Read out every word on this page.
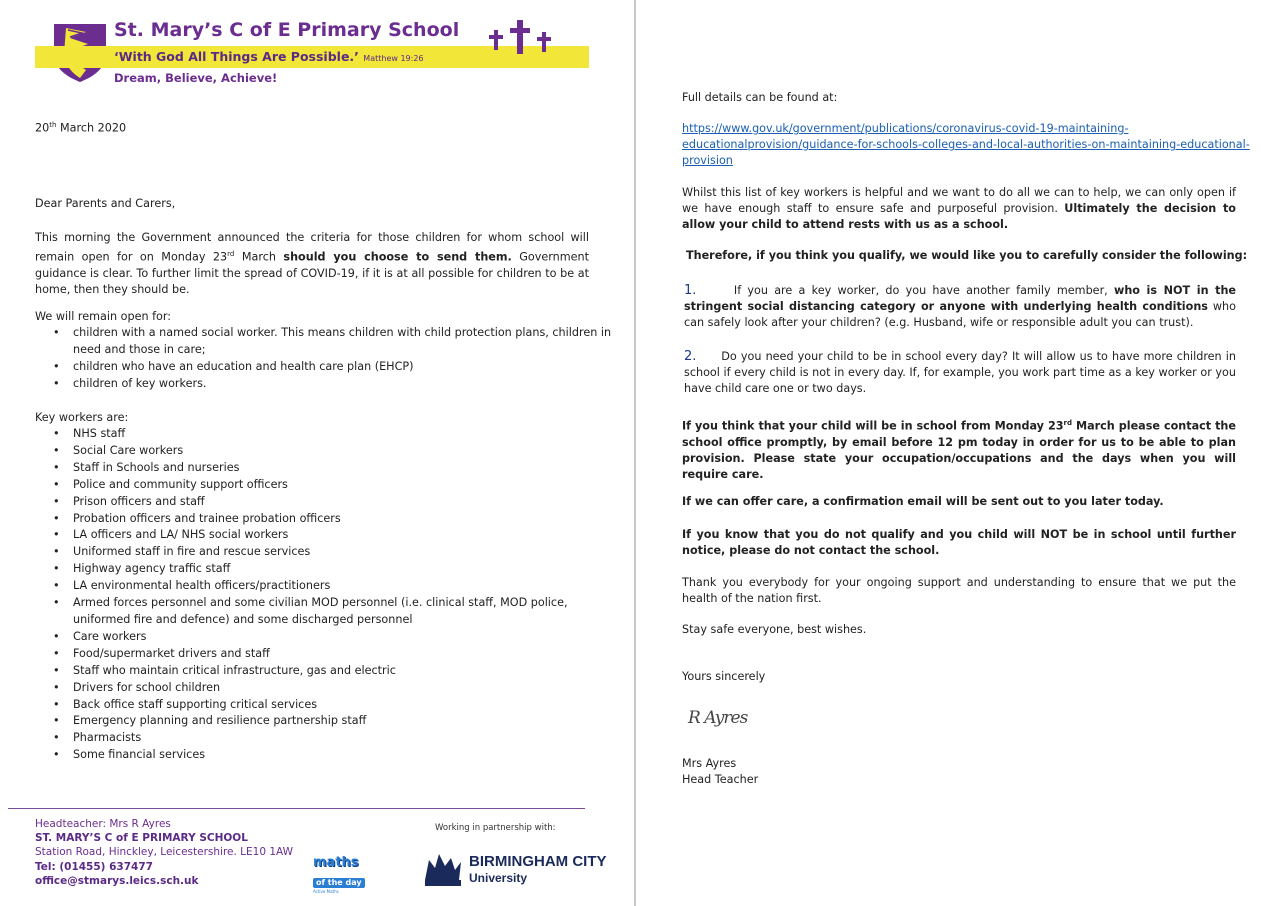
St. Mary’s C of E Primary School
‘With God All Things Are Possible.’ Matthew 19:26
Dream, Believe, Achieve!
20th March 2020
Dear Parents and Carers,
This morning the Government announced the criteria for those children for whom school will remain open for on Monday 23rd March should you choose to send them. Government guidance is clear. To further limit the spread of COVID-19, if it is at all possible for children to be at home, then they should be.
We will remain open for:
• children with a named social worker. This means children with child protection plans, children in
need and those in care;
• children who have an education and health care plan (EHCP)
• children of key workers.
Key workers are:
• NHS staff
• Social Care workers
• Staff in Schools and nurseries
• Police and community support officers
• Prison officers and staff
• Probation officers and trainee probation officers
• LA officers and LA/ NHS social workers
• Uniformed staff in fire and rescue services
• Highway agency traffic staff
• LA environmental health officers/practitioners
• Armed forces personnel and some civilian MOD personnel (i.e. clinical staff, MOD police,
uniformed fire and defence) and some discharged personnel
• Care workers
• Food/supermarket drivers and staff
• Staff who maintain critical infrastructure, gas and electric
• Drivers for school children
• Back office staff supporting critical services
• Emergency planning and resilience partnership staff
• Pharmacists
• Some financial services
Headteacher: Mrs R Ayres
ST. MARY’S C of E PRIMARY SCHOOL
Station Road, Hinckley, Leicestershire. LE10 1AW
Tel: (01455) 637477
office@stmarys.leics.sch.uk
Working in partnership with:
maths
of the day
Active Maths
BIRMINGHAM CITY
University
Full details can be found at:
https://www.gov.uk/government/publications/coronavirus-covid-19-maintaining-
educationalprovision/guidance-for-schools-colleges-and-local-authorities-on-maintaining-educational-
provision
Whilst this list of key workers is helpful and we want to do all we can to help, we can only open if we have enough staff to ensure safe and purposeful provision. Ultimately the decision to allow your child to attend rests with us as a school.
Therefore, if you think you qualify, we would like you to carefully consider the following:
1.	If you are a key worker, do you have another family member, who is NOT in the stringent social distancing category or anyone with underlying health conditions who can safely look after your children? (e.g. Husband, wife or responsible adult you can trust).
2. Do you need your child to be in school every day? It will allow us to have more children in school if every child is not in every day. If, for example, you work part time as a key worker or you have child care one or two days.
If you think that your child will be in school from Monday 23rd March please contact the school office promptly, by email before 12 pm today in order for us to be able to plan provision. Please state your occupation/occupations and the days when you will require care.
If we can offer care, a confirmation email will be sent out to you later today.
If you know that you do not qualify and you child will NOT be in school until further notice, please do not contact the school.
Thank you everybody for your ongoing support and understanding to ensure that we put the health of the nation first.
Stay safe everyone, best wishes.
Yours sincerely
R Ayres
Mrs Ayres
Head Teacher
